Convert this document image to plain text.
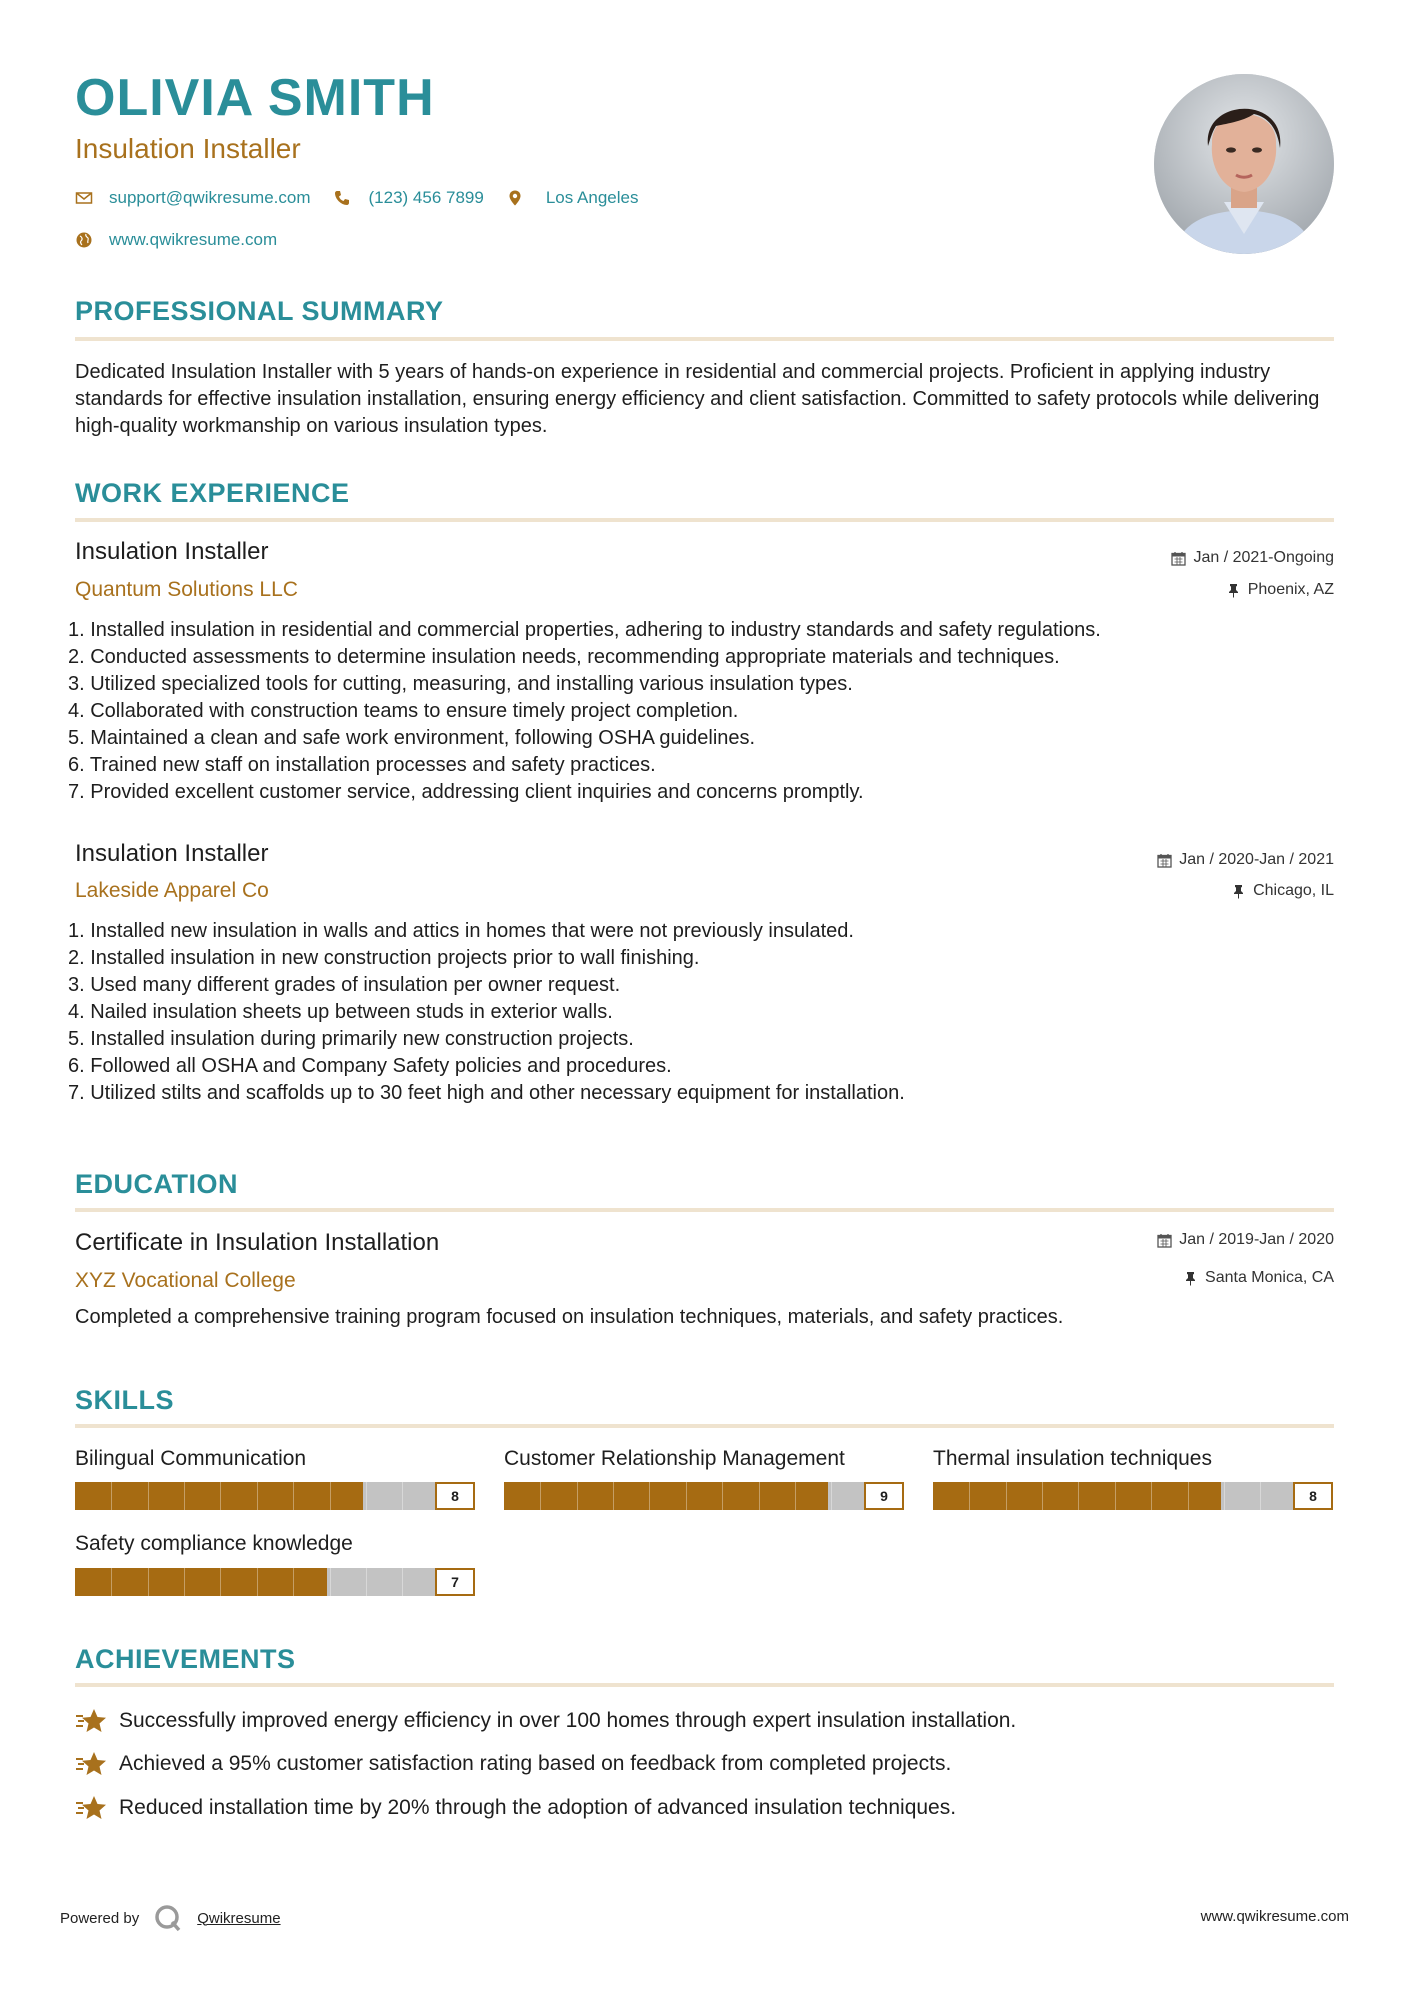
OLIVIA SMITH
Insulation Installer
support@qwikresume.com	(123) 456 7899	Los Angeles
www.qwikresume.com
PROFESSIONAL SUMMARY
Dedicated Insulation Installer with 5 years of hands-on experience in residential and commercial projects. Proficient in applying industry standards for effective insulation installation, ensuring energy efficiency and client satisfaction. Committed to safety protocols while delivering high-quality workmanship on various insulation types.
WORK EXPERIENCE
Insulation Installer
Quantum Solutions LLC
Jan / 2021-Ongoing
Phoenix, AZ
1. Installed insulation in residential and commercial properties, adhering to industry standards and safety regulations.
2. Conducted assessments to determine insulation needs, recommending appropriate materials and techniques.
3. Utilized specialized tools for cutting, measuring, and installing various insulation types.
4. Collaborated with construction teams to ensure timely project completion.
5. Maintained a clean and safe work environment, following OSHA guidelines.
6. Trained new staff on installation processes and safety practices.
7. Provided excellent customer service, addressing client inquiries and concerns promptly.
Insulation Installer
Lakeside Apparel Co
Jan / 2020-Jan / 2021
Chicago, IL
1. Installed new insulation in walls and attics in homes that were not previously insulated.
2. Installed insulation in new construction projects prior to wall finishing.
3. Used many different grades of insulation per owner request.
4. Nailed insulation sheets up between studs in exterior walls.
5. Installed insulation during primarily new construction projects.
6. Followed all OSHA and Company Safety policies and procedures.
7. Utilized stilts and scaffolds up to 30 feet high and other necessary equipment for installation.
EDUCATION
Certificate in Insulation Installation
XYZ Vocational College
Jan / 2019-Jan / 2020
Santa Monica, CA
Completed a comprehensive training program focused on insulation techniques, materials, and safety practices.
SKILLS
Bilingual Communication
8
Customer Relationship Management
9
Thermal insulation techniques
8
Safety compliance knowledge
7
ACHIEVEMENTS
Successfully improved energy efficiency in over 100 homes through expert insulation installation.
Achieved a 95% customer satisfaction rating based on feedback from completed projects.
Reduced installation time by 20% through the adoption of advanced insulation techniques.
Powered by	Qwikresume	www.qwikresume.com
